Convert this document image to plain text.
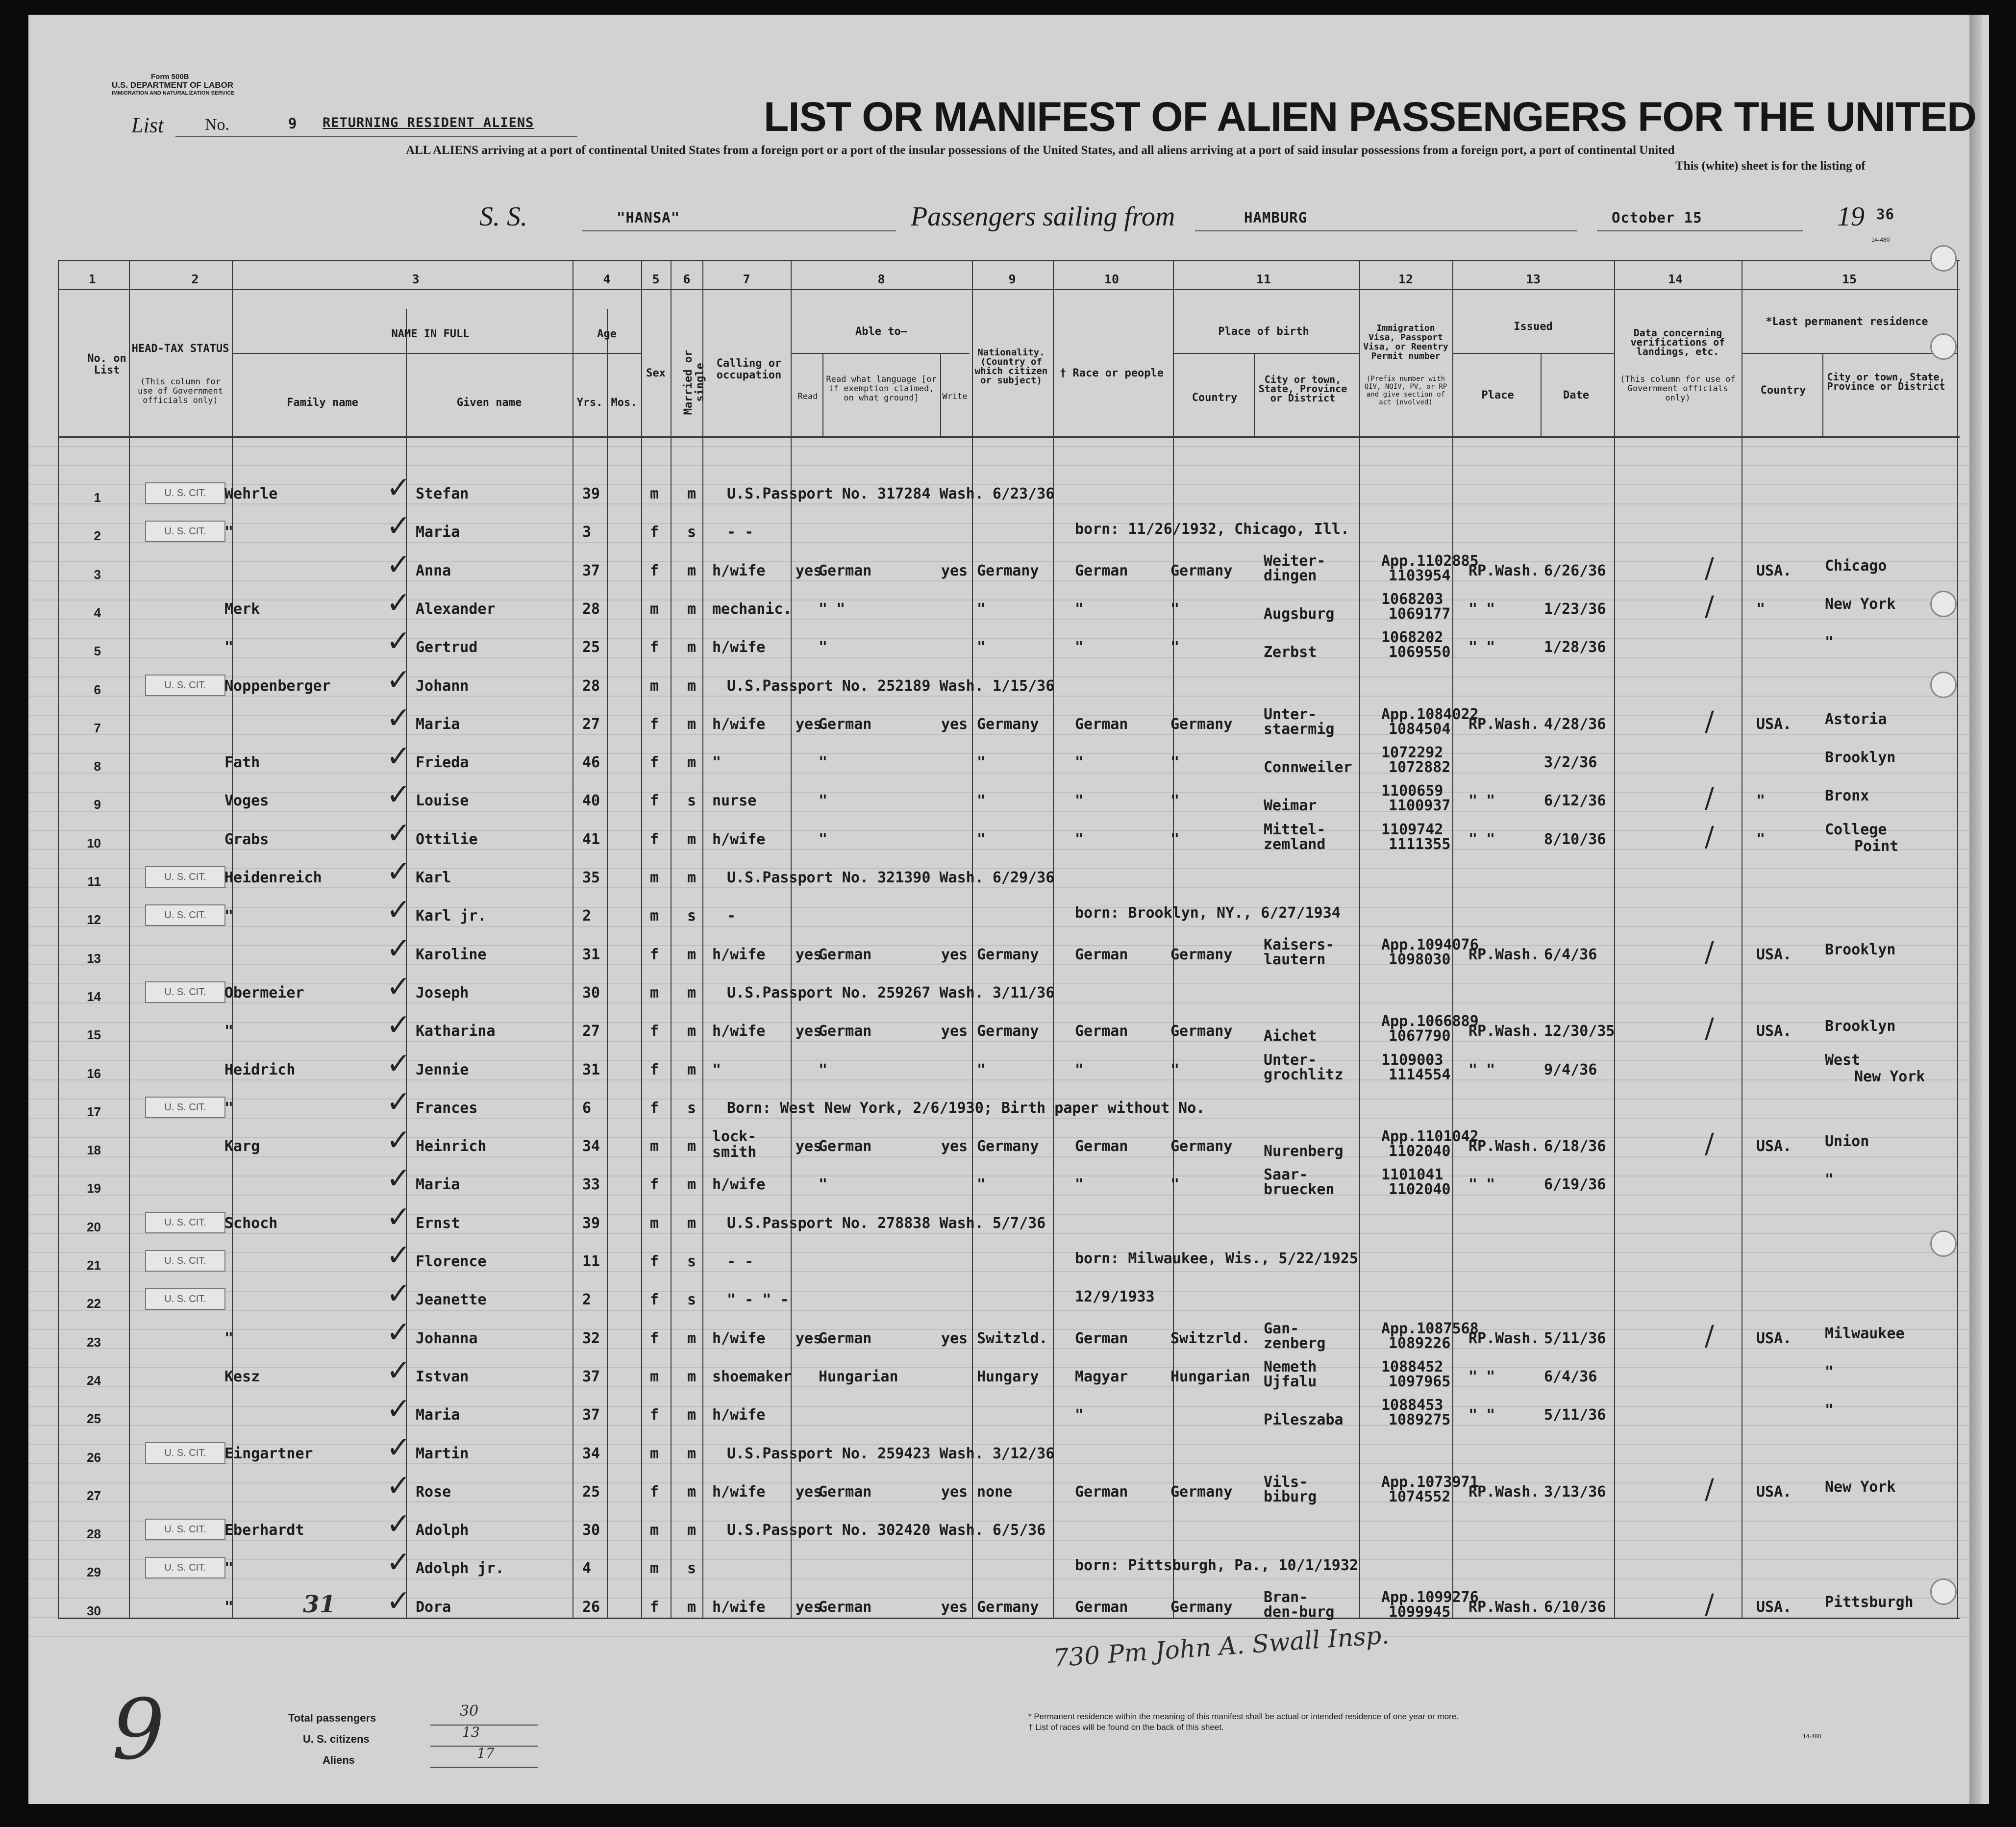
Form 500B
U.S. DEPARTMENT OF LABOR
IMMIGRATION AND NATURALIZATION SERVICE
List No.	9 RETURNING RESIDENT ALIENS	LIST OR MANIFEST OF ALIEN PASSENGERS FOR THE UNITED
ALL ALIENS arriving at a port of continental United States from a foreign port or a port of the insular possessions of the United States, and all aliens arriving at a port of said insular possessions from a foreign port, a port of continental United
This (white) sheet is for the listing of
S. S.	"HANSA"	Passengers sailing from	HAMBURG	October 15	19 36
14-480
1	2	3	4	5	6	7	8	9	10	11	12	13	14	15
No. on List
HEAD-TAX STATUS
(This column for use of Government officials only)
NAME IN FULL
Family name	Given name
Age
Yrs. Mos.
Sex	Married or single Calling or occupation
Able to—
Read
Read what language [or if exemption claimed, on what ground]	Write
Nationality. (Country of which citizen or subject)
† Race or people
Place of birth
Country
City or town, State, Province or District
Immigration Visa, Passport Visa, or Reentry Permit number
(Prefix number with QIV, NQIV, PV, or RP and give section of act involved)
Issued
Place	Date
Data concerning verifications of landings, etc.
(This column for use of Government officials only)
*Last permanent residence
Country
City or town, State, Province or District
1	U. S. CIT.	Wehrle	Stefan	39	m m U.S.Passport No. 317284 Wash. 6/23/36
✓
2	U. S. CIT.	"	Maria	3	f s - -	born: 11/26/1932, Chicago, Ill.
✓
3	Anna	37	f m h/wife yes
German	yes Germany German	Germany
Weiter-
dingen
App.1102885
1103954 RP.Wash. 6/26/36	USA. Chicago
✓	/
4	Merk	Alexander	28	m m mechanic. " "	"	"	"	Augsburg
1068203
1069177 " "	1/23/36	"	New York
✓	/
5	"	Gertrud	25	f m h/wife	"	"	"	"	Zerbst
1068202
1069550 " "	1/28/36	"
✓
6	U. S. CIT.	Noppenberger	Johann	28	m m U.S.Passport No. 252189 Wash. 1/15/36
✓
7	Maria	27	f m h/wife yes
German	yes Germany German	Germany
Unter-
staermig
App.1084022
1084504 RP.Wash. 4/28/36	USA. Astoria
✓	/
8	Fath	Frieda	46	f m "	"	"	"	"	Connweiler
1072292
1072882	3/2/36	Brooklyn
✓
9	Voges	Louise	40	f s nurse	"	"	"	"	Weimar
1100659
1100937 " "	6/12/36	"	Bronx
✓	/
10	Grabs	Ottilie	41	f m h/wife	"	"	"	"
Mittel-
zemland
1109742
1111355 " "	8/10/36	"
College
Point
✓	/
11	U. S. CIT.	Heidenreich	Karl	35	m m U.S.Passport No. 321390 Wash. 6/29/36
✓
12	U. S. CIT.	"	Karl jr.	2	m s -	born: Brooklyn, NY., 6/27/1934
✓
13	Karoline	31	f m h/wife yes
German	yes Germany German	Germany
Kaisers-
lautern
App.1094076
1098030 RP.Wash. 6/4/36	USA. Brooklyn
✓	/
14	U. S. CIT.	Obermeier	Joseph	30	m m U.S.Passport No. 259267 Wash. 3/11/36
✓
15	"	Katharina	27	f m h/wife yes
German	yes Germany German	Germany Aichet
App.1066889
1067790 RP.Wash. 12/30/35	USA. Brooklyn
✓	/
16	Heidrich	Jennie	31	f m "	"	"	"	"
Unter-
grochlitz
1109003
1114554 " "	9/4/36
West
New York
✓
17	U. S. CIT.	"	Frances	6	f s Born: West New York, 2/6/1930; Birth paper without No.
✓
18	Karg	Heinrich	34	m m
lock-
smith	yes
German	yes Germany German	Germany Nurenberg
App.1101042
1102040 RP.Wash. 6/18/36	USA. Union
✓	/
19	Maria	33	f m h/wife	"	"	"	"
Saar-
bruecken
1101041
1102040 " "	6/19/36	"
✓
20	U. S. CIT.	Schoch	Ernst	39	m m U.S.Passport No. 278838 Wash. 5/7/36
✓
21	U. S. CIT.	Florence	11	f s - -	born: Milwaukee, Wis., 5/22/1925
✓
22	U. S. CIT.	Jeanette	2	f s " - " -	12/9/1933
✓
23	"	Johanna	32	f m h/wife yes
German	yes Switzld. German	Switzrld.
Gan-
zenberg
App.1087568
1089226 RP.Wash. 5/11/36	USA. Milwaukee
✓	/
24	Kesz	Istvan	37	m m shoemaker Hungarian	Hungary Magyar	Hungarian
Nemeth
Ujfalu
1088452
1097965 " "	6/4/36	"
✓
25	Maria	37	f m h/wife	"	Pileszaba
1088453
1089275 " "	5/11/36	"
✓
26	U. S. CIT.	Eingartner	Martin	34	m m U.S.Passport No. 259423 Wash. 3/12/36
✓
27	Rose	25	f m h/wife yes
German	yes none	German	Germany
Vils-
biburg
App.1073971
1074552 RP.Wash. 3/13/36	USA. New York
✓	/
28	U. S. CIT.	Eberhardt	Adolph	30	m m U.S.Passport No. 302420 Wash. 6/5/36
✓
29	U. S. CIT.	"	Adolph jr.	4	m s	born: Pittsburgh, Pa., 10/1/1932
✓
30	"	Dora	26	f m h/wife yes
German	yes Germany German	Germany
Bran-
den-burg
App.1099276
1099945 RP.Wash. 6/10/36	USA. Pittsburgh
✓	/
31
730 Pm John A. Swall Insp.
9	Total passengers
U. S. citizens
Aliens
30
13
17
* Permanent residence within the meaning of this manifest shall be actual or intended residence of one year or more.
† List of races will be found on the back of this sheet.
14-480
